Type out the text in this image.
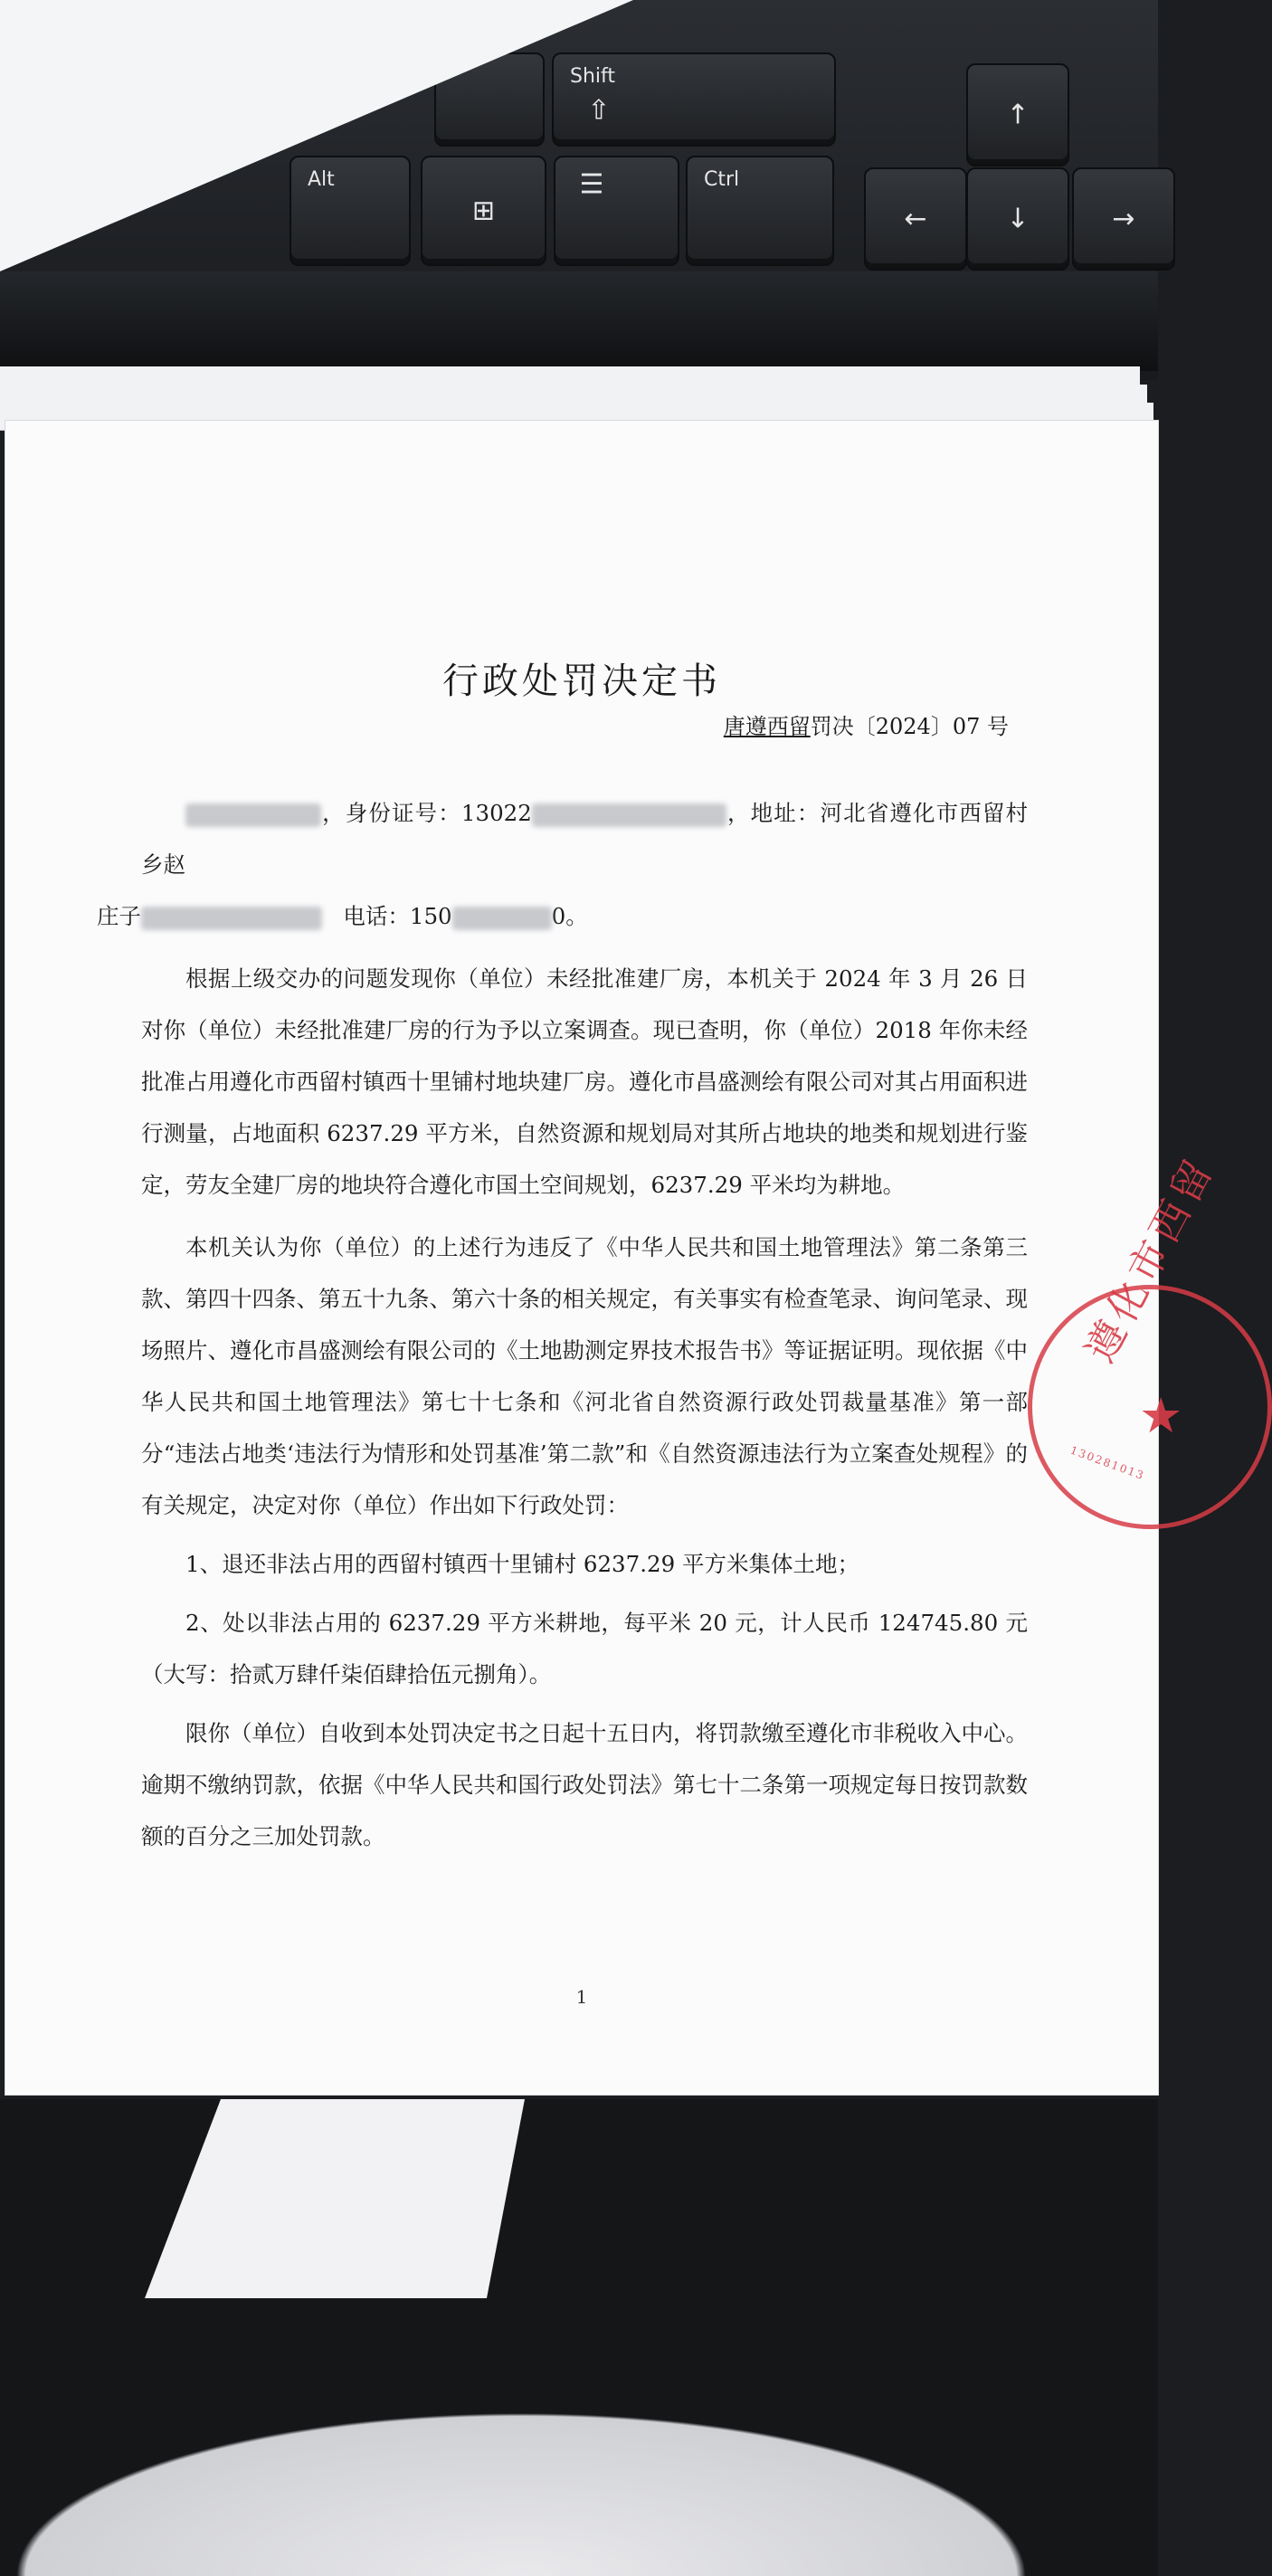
Shift
⇧
Alt
⊞
☰	Ctrl
↑
←	↓	→
行政处罚决定书
唐遵西留罚决〔2024〕07 号

，身份证号：13022	，地址：河北省遵化市西留村乡赵
庄子	电话：150	0。

根据上级交办的问题发现你（单位）未经批准建厂房，本机关于 2024 年 3 月 26 日对你（单位）未经批准建厂房的行为予以立案调查。现已查明，你（单位）2018 年你未经批准占用遵化市西留村镇西十里铺村地块建厂房。遵化市昌盛测绘有限公司对其占用面积进行测量，占地面积 6237.29 平方米，自然资源和规划局对其所占地块的地类和规划进行鉴定，劳友全建厂房的地块符合遵化市国土空间规划，6237.29 平米均为耕地。

本机关认为你（单位）的上述行为违反了《中华人民共和国土地管理法》第二条第三款、第四十四条、第五十九条、第六十条的相关规定，有关事实有检查笔录、询问笔录、现场照片、遵化市昌盛测绘有限公司的《土地勘测定界技术报告书》等证据证明。现依据《中华人民共和国土地管理法》第七十七条和《河北省自然资源行政处罚裁量基准》第一部分“违法占地类‘违法行为情形和处罚基准’第二款”和《自然资源违法行为立案查处规程》的有关规定，决定对你（单位）作出如下行政处罚：

1、退还非法占用的西留村镇西十里铺村 6237.29 平方米集体土地；

2、处以非法占用的 6237.29 平方米耕地，每平米 20 元，计人民币 124745.80 元（大写：拾贰万肆仟柒佰肆拾伍元捌角）。

限你（单位）自收到本处罚决定书之日起十五日内，将罚款缴至遵化市非税收入中心。逾期不缴纳罚款，依据《中华人民共和国行政处罚法》第七十二条第一项规定每日按罚款数额的百分之三加处罚款。

1
遵化市西留
★
130281013
